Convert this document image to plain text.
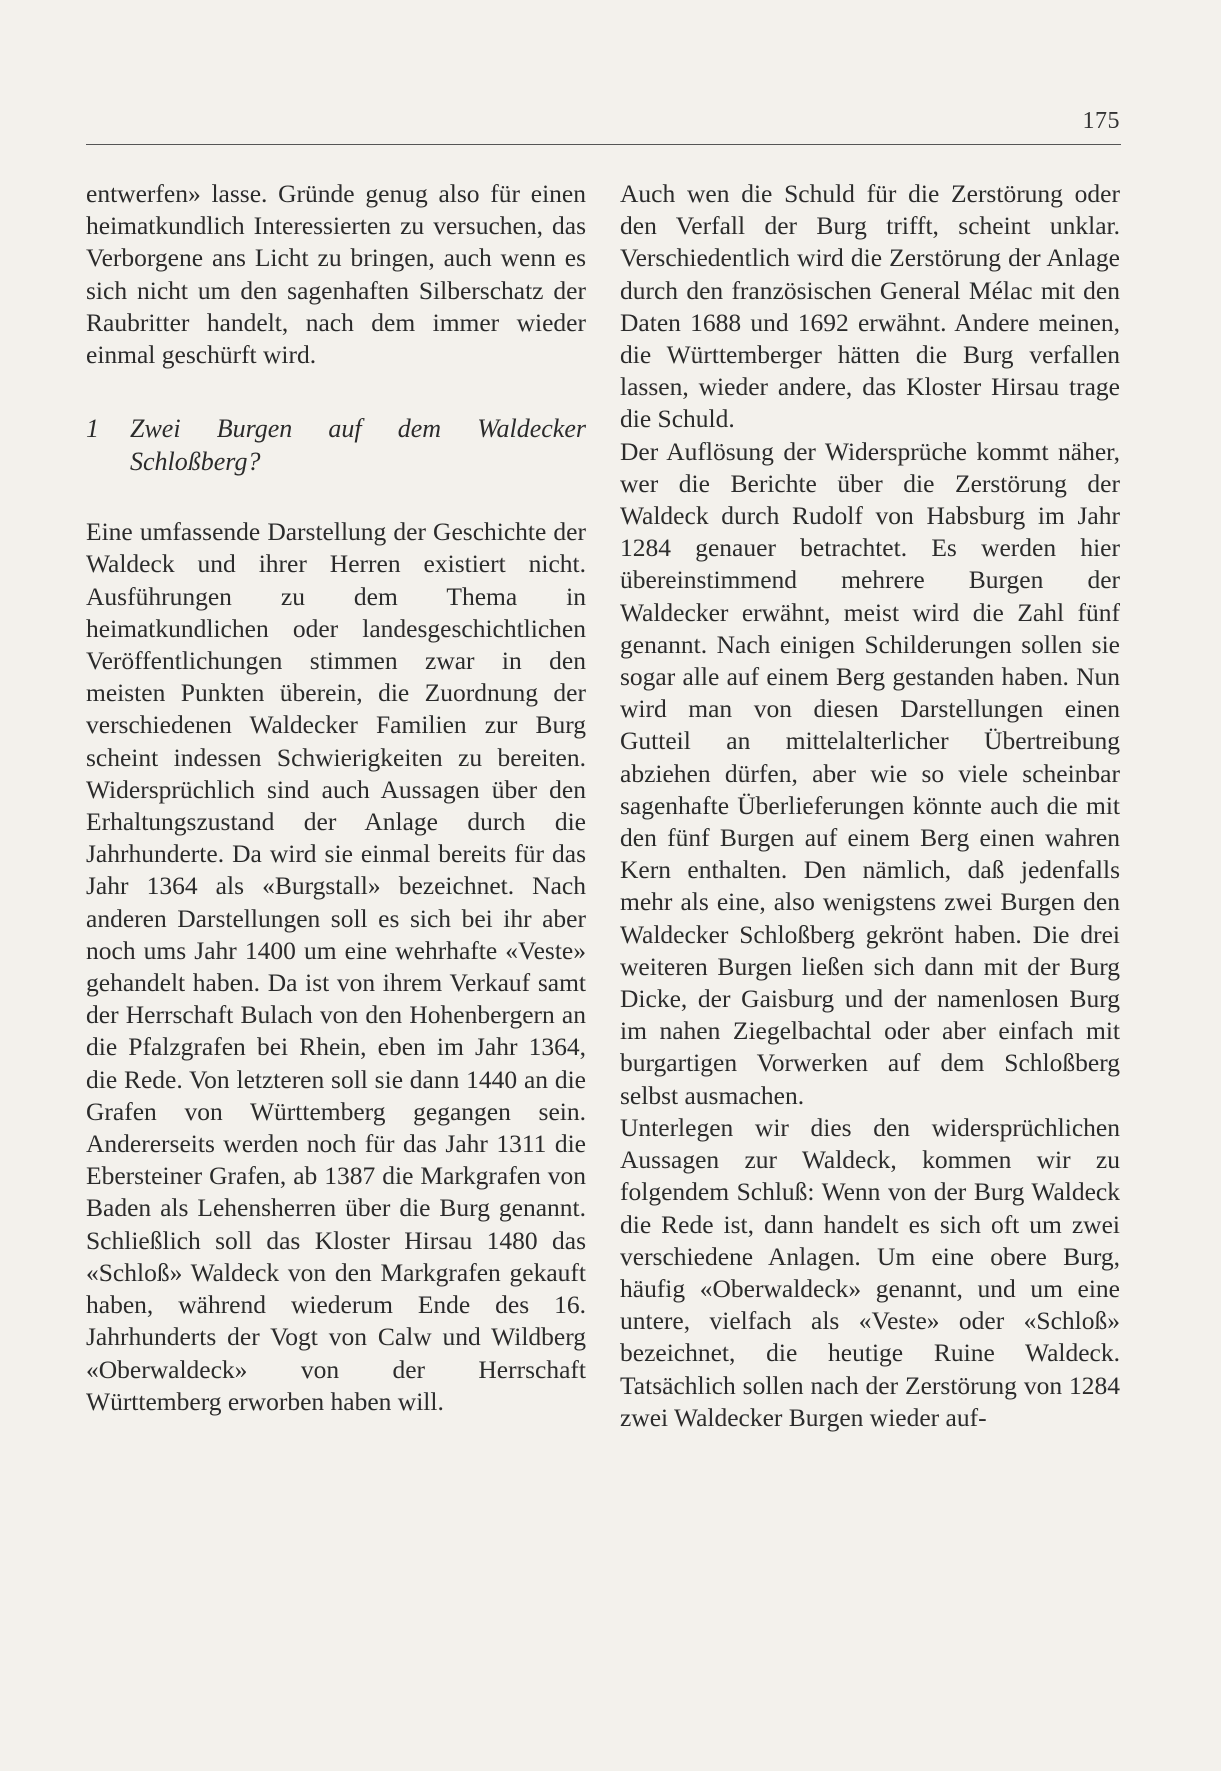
175

entwerfen» lasse. Gründe genug also für einen heimatkundlich Interessierten zu versuchen, das Verborgene ans Licht zu bringen, auch wenn es sich nicht um den sagenhaften Silberschatz der Raubritter handelt, nach dem immer wieder einmal geschürft wird.

1 Zwei Burgen auf dem Waldecker Schloßberg?

Eine umfassende Darstellung der Geschichte der Waldeck und ihrer Herren existiert nicht. Ausführungen zu dem Thema in heimatkundlichen oder landesgeschichtlichen Veröffentlichungen stimmen zwar in den meisten Punkten überein, die Zuordnung der verschiedenen Waldecker Familien zur Burg scheint indessen Schwierigkeiten zu bereiten. Widersprüchlich sind auch Aussagen über den Erhaltungszustand der Anlage durch die Jahrhunderte. Da wird sie einmal bereits für das Jahr 1364 als «Burgstall» bezeichnet. Nach anderen Darstellungen soll es sich bei ihr aber noch ums Jahr 1400 um eine wehrhafte «Veste» gehandelt haben. Da ist von ihrem Verkauf samt der Herrschaft Bulach von den Hohenbergern an die Pfalzgrafen bei Rhein, eben im Jahr 1364, die Rede. Von letzteren soll sie dann 1440 an die Grafen von Württemberg gegangen sein. Andererseits werden noch für das Jahr 1311 die Ebersteiner Grafen, ab 1387 die Markgrafen von Baden als Lehensherren über die Burg genannt. Schließlich soll das Kloster Hirsau 1480 das «Schloß» Waldeck von den Markgrafen gekauft haben, während wiederum Ende des 16. Jahrhunderts der Vogt von Calw und Wildberg «Oberwaldeck» von der Herrschaft Württemberg erworben haben will.

Auch wen die Schuld für die Zerstörung oder den Verfall der Burg trifft, scheint unklar. Verschiedentlich wird die Zerstörung der Anlage durch den französischen General Mélac mit den Daten 1688 und 1692 erwähnt. Andere meinen, die Württemberger hätten die Burg verfallen lassen, wieder andere, das Kloster Hirsau trage die Schuld.

Der Auflösung der Widersprüche kommt näher, wer die Berichte über die Zerstörung der Waldeck durch Rudolf von Habsburg im Jahr 1284 genauer betrachtet. Es werden hier übereinstimmend mehrere Burgen der Waldecker erwähnt, meist wird die Zahl fünf genannt. Nach einigen Schilderungen sollen sie sogar alle auf einem Berg gestanden haben. Nun wird man von diesen Darstellungen einen Gutteil an mittelalterlicher Übertreibung abziehen dürfen, aber wie so viele scheinbar sagenhafte Überlieferungen könnte auch die mit den fünf Burgen auf einem Berg einen wahren Kern enthalten. Den nämlich, daß jedenfalls mehr als eine, also wenigstens zwei Burgen den Waldecker Schloßberg gekrönt haben. Die drei weiteren Burgen ließen sich dann mit der Burg Dicke, der Gaisburg und der namenlosen Burg im nahen Ziegelbachtal oder aber einfach mit burgartigen Vorwerken auf dem Schloßberg selbst ausmachen.

Unterlegen wir dies den widersprüchlichen Aussagen zur Waldeck, kommen wir zu folgendem Schluß: Wenn von der Burg Waldeck die Rede ist, dann handelt es sich oft um zwei verschiedene Anlagen. Um eine obere Burg, häufig «Oberwaldeck» genannt, und um eine untere, vielfach als «Veste» oder «Schloß» bezeichnet, die heutige Ruine Waldeck. Tatsächlich sollen nach der Zerstörung von 1284 zwei Waldecker Burgen wieder auf-
